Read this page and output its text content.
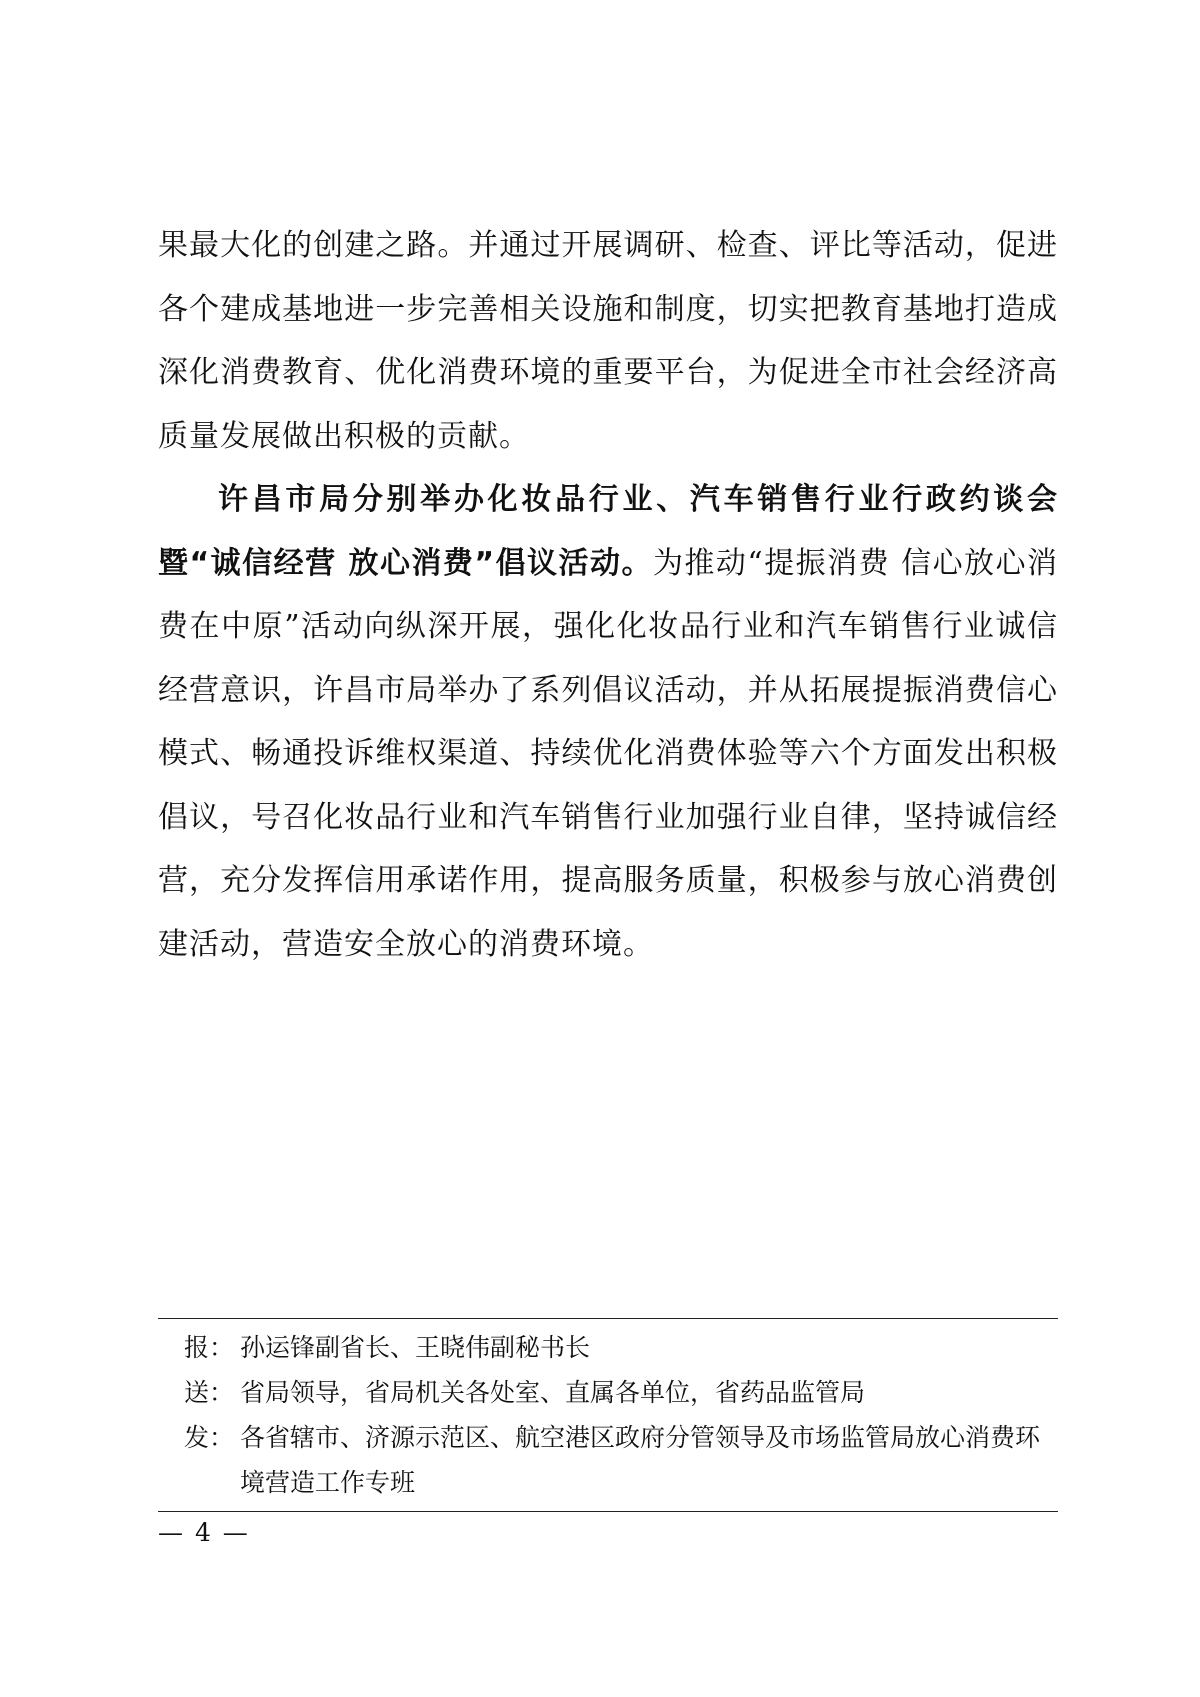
果最大化的创建之路。并通过开展调研、检查、评比等活动，促进各个建成基地进一步完善相关设施和制度，切实把教育基地打造成深化消费教育、优化消费环境的重要平台，为促进全市社会经济高质量发展做出积极的贡献。

许昌市局分别举办化妆品行业、汽车销售行业行政约谈会暨“诚信经营 放心消费”倡议活动。为推动“提振消费 信心放心消费在中原”活动向纵深开展，强化化妆品行业和汽车销售行业诚信经营意识，许昌市局举办了系列倡议活动，并从拓展提振消费信心模式、畅通投诉维权渠道、持续优化消费体验等六个方面发出积极倡议，号召化妆品行业和汽车销售行业加强行业自律，坚持诚信经营，充分发挥信用承诺作用，提高服务质量，积极参与放心消费创建活动，营造安全放心的消费环境。

报： 孙运锋副省长、王晓伟副秘书长
送： 省局领导，省局机关各处室、直属各单位，省药品监管局
发： 各省辖市、济源示范区、航空港区政府分管领导及市场监管局放心消费环境营造工作专班
— 4 —
